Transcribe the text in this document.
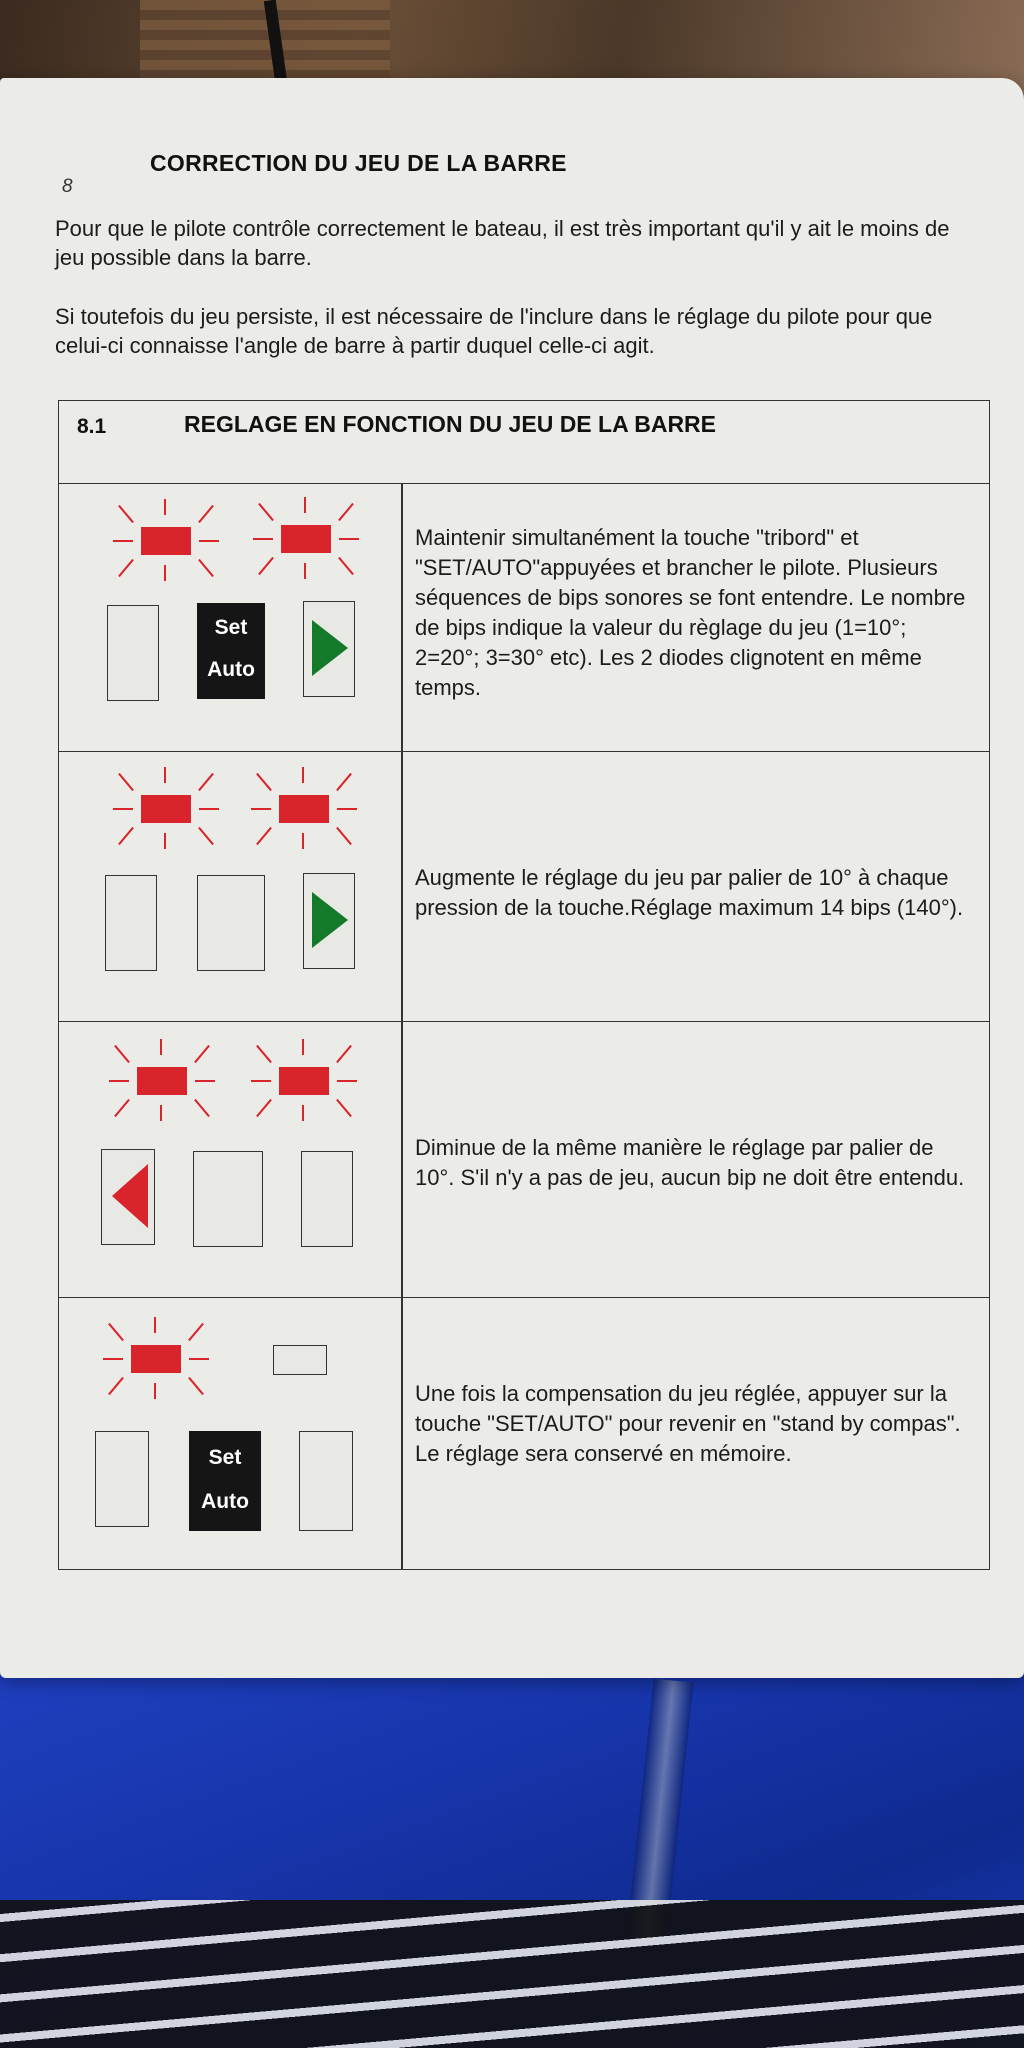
8
CORRECTION DU JEU DE LA BARRE

Pour que le pilote contrôle correctement le bateau, il est très important qu'il y ait le moins de jeu possible dans la barre.

Si toutefois du jeu persiste, il est nécessaire de l'inclure dans le réglage du pilote pour que celui-ci connaisse l'angle de barre à partir duquel celle-ci agit.

8.1	REGLAGE EN FONCTION DU JEU DE LA BARRE
Set
Auto

Maintenir simultanément la touche "tribord" et "SET/AUTO"appuyées et brancher le pilote. Plusieurs séquences de bips sonores se font entendre. Le nombre de bips indique la valeur du règlage du jeu (1=10°; 2=20°; 3=30° etc). Les 2 diodes clignotent en même temps.

Augmente le réglage du jeu par palier de 10° à chaque pression de la touche.Réglage maximum 14 bips (140°).

Diminue de la même manière le réglage par palier de 10°. S'il n'y a pas de jeu, aucun bip ne doit être entendu.

Set
Auto

Une fois la compensation du jeu réglée, appuyer sur la touche "SET/AUTO" pour revenir en "stand by compas". Le réglage sera conservé en mémoire.
